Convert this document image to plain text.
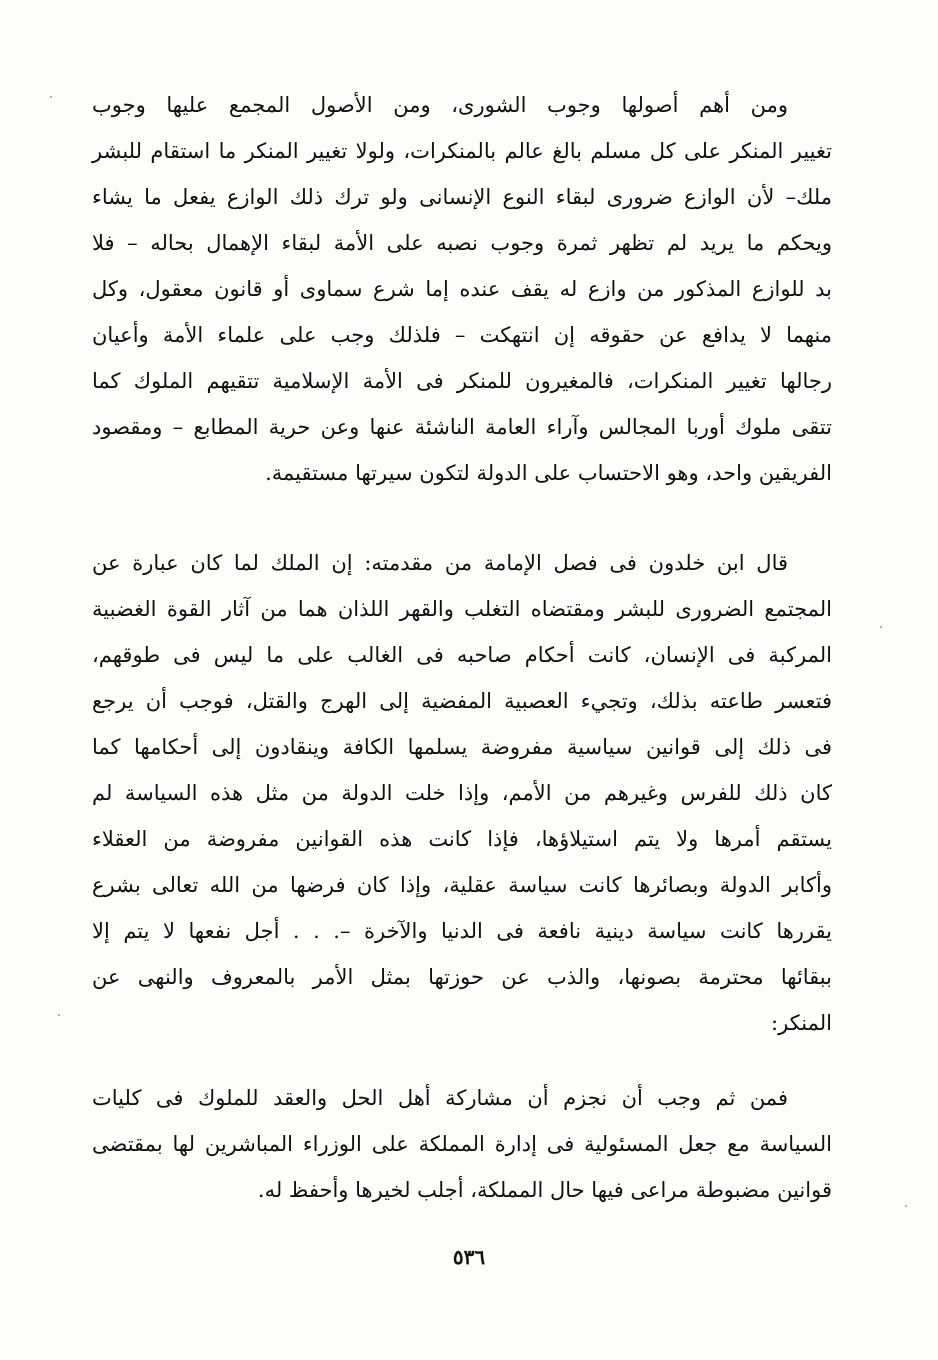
ومن أهم أصولها وجوب الشورى، ومن الأصول المجمع عليها وجوب
تغيير المنكر على كل مسلم بالغ عالم بالمنكرات، ولولا تغيير المنكر ما استقام للبشر
ملك– لأن الوازع ضرورى لبقاء النوع الإنسانى ولو ترك ذلك الوازع يفعل ما يشاء
ويحكم ما يريد لم تظهر ثمرة وجوب نصبه على الأمة لبقاء الإهمال بحاله – فلا
بد للوازع المذكور من وازع له يقف عنده إما شرع سماوى أو قانون معقول، وكل
منهما لا يدافع عن حقوقه إن انتهكت – فلذلك وجب على علماء الأمة وأعيان
رجالها تغيير المنكرات، فالمغيرون للمنكر فى الأمة الإسلامية تتقيهم الملوك كما
تتقى ملوك أوربا المجالس وآراء العامة الناشئة عنها وعن حرية المطابع – ومقصود
الفريقين واحد، وهو الاحتساب على الدولة لتكون سيرتها مستقيمة.
قال ابن خلدون فى فصل الإمامة من مقدمته: إن الملك لما كان عبارة عن
المجتمع الضرورى للبشر ومقتضاه التغلب والقهر اللذان هما من آثار القوة الغضبية
المركبة فى الإنسان، كانت أحكام صاحبه فى الغالب على ما ليس فى طوقهم،
فتعسر طاعته بذلك، وتجيء العصبية المفضية إلى الهرج والقتل، فوجب أن يرجع
فى ذلك إلى قوانين سياسية مفروضة يسلمها الكافة وينقادون إلى أحكامها كما
كان ذلك للفرس وغيرهم من الأمم، وإذا خلت الدولة من مثل هذه السياسة لم
يستقم أمرها ولا يتم استيلاؤها، فإذا كانت هذه القوانين مفروضة من العقلاء
وأكابر الدولة وبصائرها كانت سياسة عقلية، وإذا كان فرضها من الله تعالى بشرع
يقررها كانت سياسة دينية نافعة فى الدنيا والآخرة –. . . أجل نفعها لا يتم إلا
ببقائها محترمة بصونها، والذب عن حوزتها بمثل الأمر بالمعروف والنهى عن
المنكر:
فمن ثم وجب أن نجزم أن مشاركة أهل الحل والعقد للملوك فى كليات
السياسة مع جعل المسئولية فى إدارة المملكة على الوزراء المباشرين لها بمقتضى
قوانين مضبوطة مراعى فيها حال المملكة، أجلب لخيرها وأحفظ له.
٥٣٦
